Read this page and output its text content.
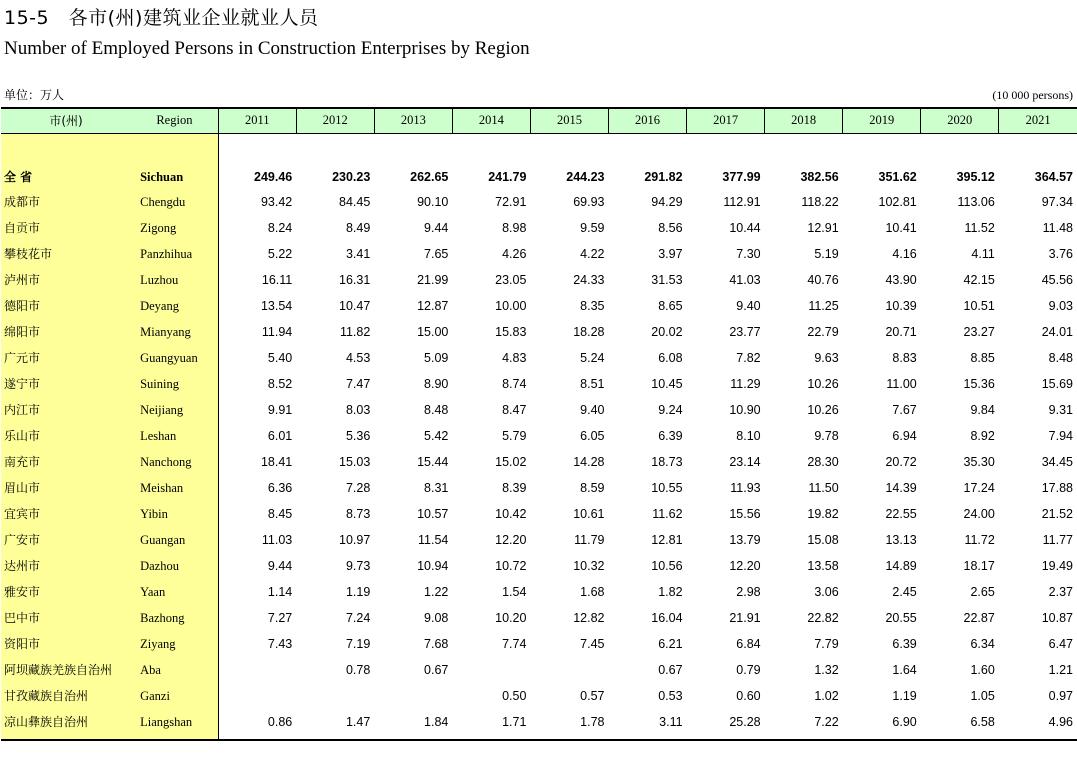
15-5　各市(州)建筑业企业就业人员
Number of Employed Persons in Construction Enterprises by Region
单位：万人	(10 000 persons)
市(州)	Region	2011	2012	2013	2014	2015	2016	2017	2018	2019	2020	2021

全 省	Sichuan	249.46	230.23	262.65	241.79	244.23	291.82	377.99	382.56	351.62	395.12	364.57
成都市	Chengdu	93.42	84.45	90.10	72.91	69.93	94.29	112.91	118.22	102.81	113.06	97.34
自贡市	Zigong	8.24	8.49	9.44	8.98	9.59	8.56	10.44	12.91	10.41	11.52	11.48
攀枝花市	Panzhihua	5.22	3.41	7.65	4.26	4.22	3.97	7.30	5.19	4.16	4.11	3.76
泸州市	Luzhou	16.11	16.31	21.99	23.05	24.33	31.53	41.03	40.76	43.90	42.15	45.56
德阳市	Deyang	13.54	10.47	12.87	10.00	8.35	8.65	9.40	11.25	10.39	10.51	9.03
绵阳市	Mianyang	11.94	11.82	15.00	15.83	18.28	20.02	23.77	22.79	20.71	23.27	24.01
广元市	Guangyuan	5.40	4.53	5.09	4.83	5.24	6.08	7.82	9.63	8.83	8.85	8.48
遂宁市	Suining	8.52	7.47	8.90	8.74	8.51	10.45	11.29	10.26	11.00	15.36	15.69
内江市	Neijiang	9.91	8.03	8.48	8.47	9.40	9.24	10.90	10.26	7.67	9.84	9.31
乐山市	Leshan	6.01	5.36	5.42	5.79	6.05	6.39	8.10	9.78	6.94	8.92	7.94
南充市	Nanchong	18.41	15.03	15.44	15.02	14.28	18.73	23.14	28.30	20.72	35.30	34.45
眉山市	Meishan	6.36	7.28	8.31	8.39	8.59	10.55	11.93	11.50	14.39	17.24	17.88
宜宾市	Yibin	8.45	8.73	10.57	10.42	10.61	11.62	15.56	19.82	22.55	24.00	21.52
广安市	Guangan	11.03	10.97	11.54	12.20	11.79	12.81	13.79	15.08	13.13	11.72	11.77
达州市	Dazhou	9.44	9.73	10.94	10.72	10.32	10.56	12.20	13.58	14.89	18.17	19.49
雅安市	Yaan	1.14	1.19	1.22	1.54	1.68	1.82	2.98	3.06	2.45	2.65	2.37
巴中市	Bazhong	7.27	7.24	9.08	10.20	12.82	16.04	21.91	22.82	20.55	22.87	10.87
资阳市	Ziyang	7.43	7.19	7.68	7.74	7.45	6.21	6.84	7.79	6.39	6.34	6.47
阿坝藏族羌族自治州	Aba		0.78	0.67			0.67	0.79	1.32	1.64	1.60	1.21
甘孜藏族自治州	Ganzi				0.50	0.57	0.53	0.60	1.02	1.19	1.05	0.97
凉山彝族自治州	Liangshan	0.86	1.47	1.84	1.71	1.78	3.11	25.28	7.22	6.90	6.58	4.96
